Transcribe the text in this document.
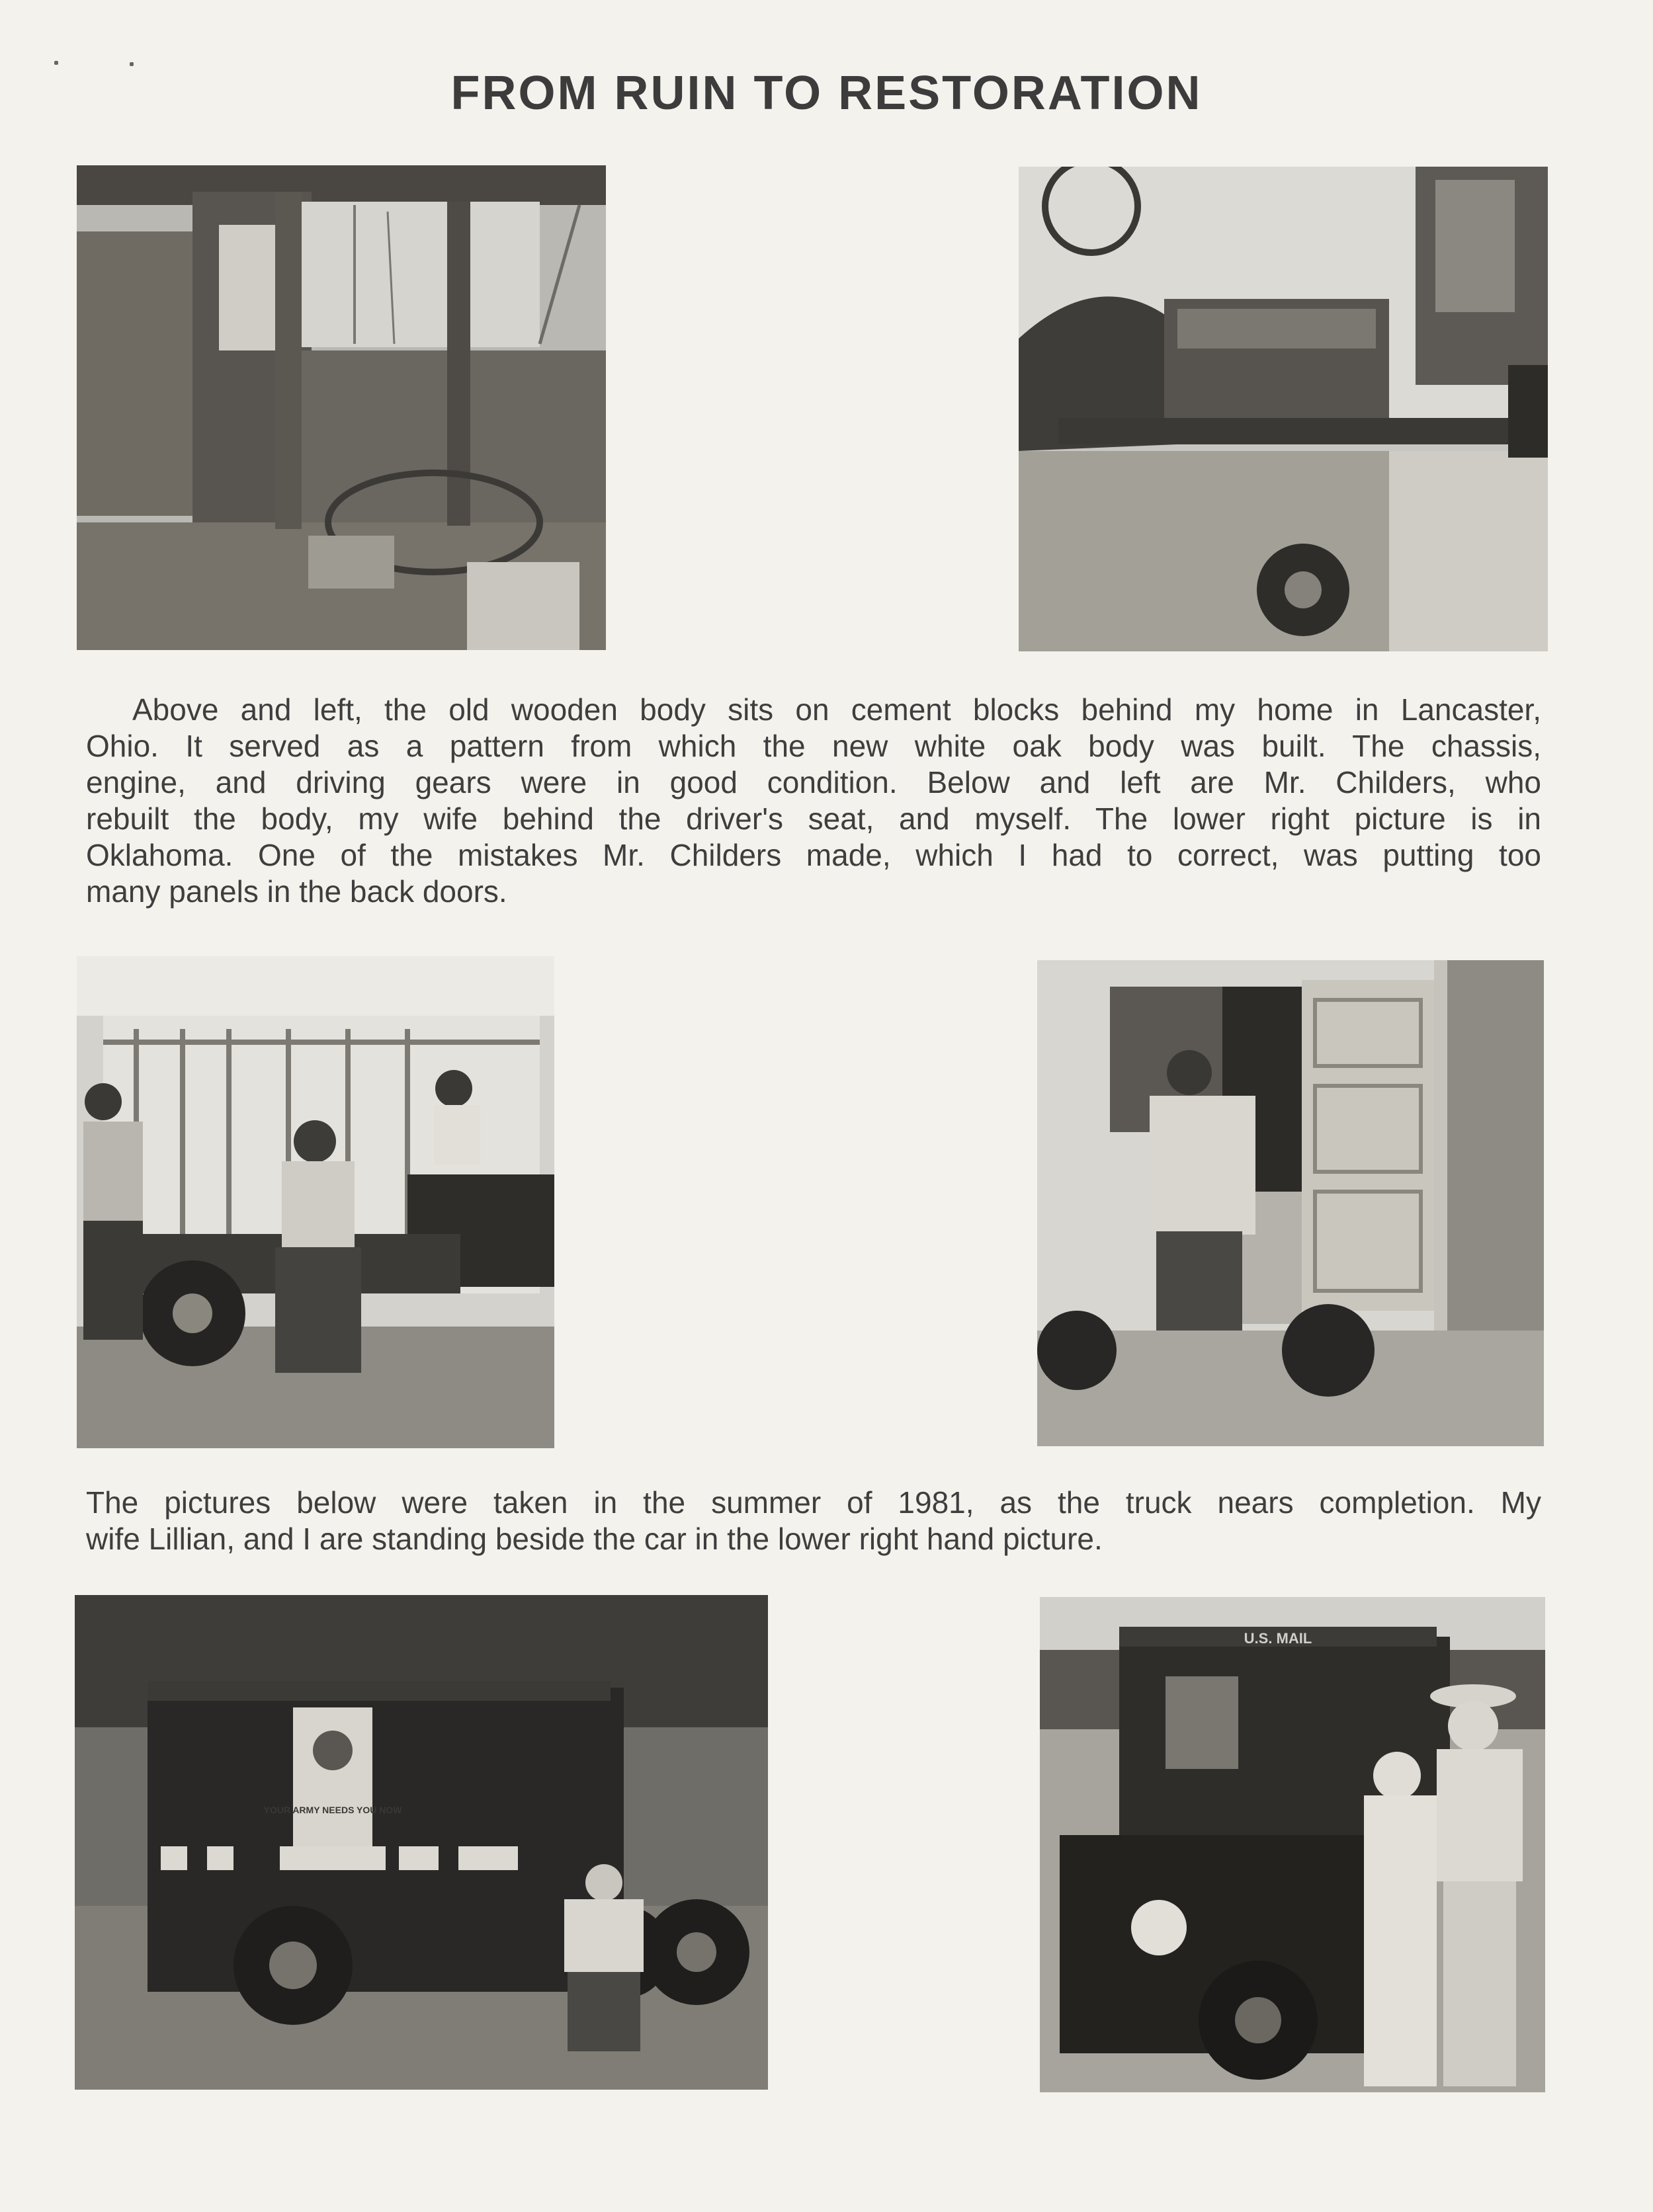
FROM RUIN TO RESTORATION
Above and left, the old wooden body sits on cement blocks behind my home in Lancaster,
Ohio. It served as a pattern from which the new white oak body was built. The chassis,
engine, and driving gears were in good condition. Below and left are Mr. Childers, who
rebuilt the body, my wife behind the driver's seat, and myself. The lower right picture is in
Oklahoma. One of the mistakes Mr. Childers made, which I had to correct, was putting too
many panels in the back doors.
The pictures below were taken in the summer of 1981, as the truck nears completion. My
wife Lillian, and I are standing beside the car in the lower right hand picture.
YOUR ARMY NEEDS YOU NOW
U.S. MAIL
